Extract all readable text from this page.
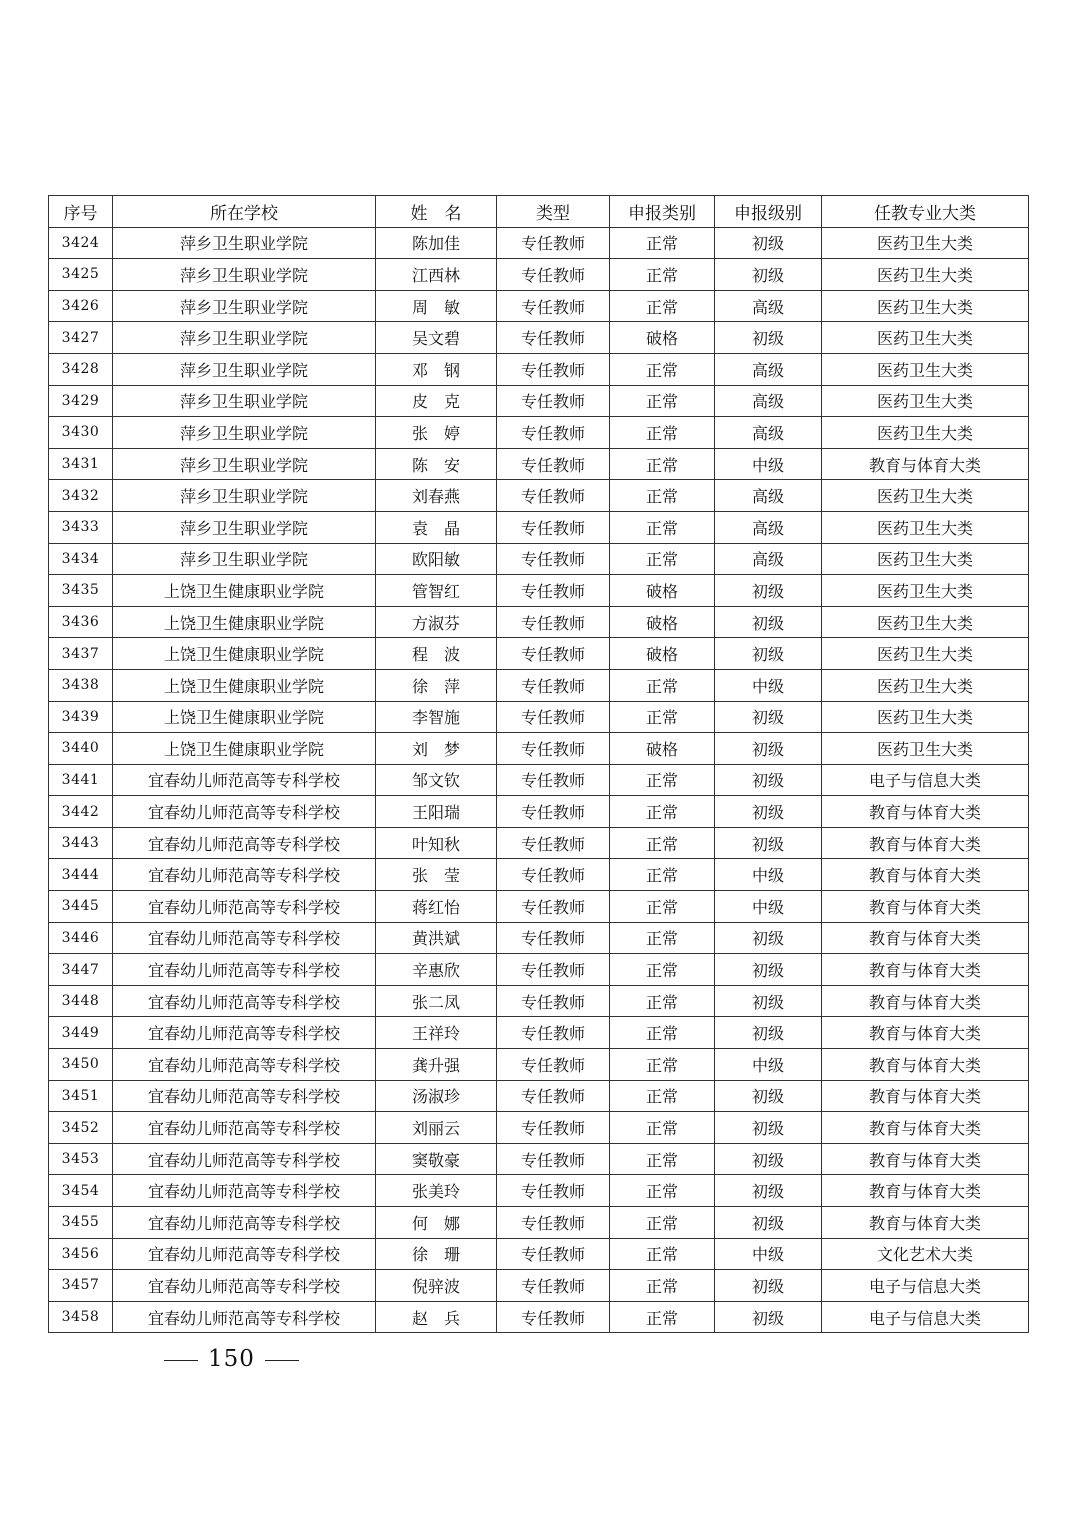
序号	所在学校	姓　名	类型	申报类别	申报级别	任教专业大类
3424	萍乡卫生职业学院	陈加佳	专任教师	正常	初级	医药卫生大类
3425	萍乡卫生职业学院	江西林	专任教师	正常	初级	医药卫生大类
3426	萍乡卫生职业学院	周　敏	专任教师	正常	高级	医药卫生大类
3427	萍乡卫生职业学院	吴文碧	专任教师	破格	初级	医药卫生大类
3428	萍乡卫生职业学院	邓　钢	专任教师	正常	高级	医药卫生大类
3429	萍乡卫生职业学院	皮　克	专任教师	正常	高级	医药卫生大类
3430	萍乡卫生职业学院	张　婷	专任教师	正常	高级	医药卫生大类
3431	萍乡卫生职业学院	陈　安	专任教师	正常	中级	教育与体育大类
3432	萍乡卫生职业学院	刘春燕	专任教师	正常	高级	医药卫生大类
3433	萍乡卫生职业学院	袁　晶	专任教师	正常	高级	医药卫生大类
3434	萍乡卫生职业学院	欧阳敏	专任教师	正常	高级	医药卫生大类
3435	上饶卫生健康职业学院	管智红	专任教师	破格	初级	医药卫生大类
3436	上饶卫生健康职业学院	方淑芬	专任教师	破格	初级	医药卫生大类
3437	上饶卫生健康职业学院	程　波	专任教师	破格	初级	医药卫生大类
3438	上饶卫生健康职业学院	徐　萍	专任教师	正常	中级	医药卫生大类
3439	上饶卫生健康职业学院	李智施	专任教师	正常	初级	医药卫生大类
3440	上饶卫生健康职业学院	刘　梦	专任教师	破格	初级	医药卫生大类
3441	宜春幼儿师范高等专科学校	邹文钦	专任教师	正常	初级	电子与信息大类
3442	宜春幼儿师范高等专科学校	王阳瑞	专任教师	正常	初级	教育与体育大类
3443	宜春幼儿师范高等专科学校	叶知秋	专任教师	正常	初级	教育与体育大类
3444	宜春幼儿师范高等专科学校	张　莹	专任教师	正常	中级	教育与体育大类
3445	宜春幼儿师范高等专科学校	蒋红怡	专任教师	正常	中级	教育与体育大类
3446	宜春幼儿师范高等专科学校	黄洪斌	专任教师	正常	初级	教育与体育大类
3447	宜春幼儿师范高等专科学校	辛惠欣	专任教师	正常	初级	教育与体育大类
3448	宜春幼儿师范高等专科学校	张二凤	专任教师	正常	初级	教育与体育大类
3449	宜春幼儿师范高等专科学校	王祥玲	专任教师	正常	初级	教育与体育大类
3450	宜春幼儿师范高等专科学校	龚升强	专任教师	正常	中级	教育与体育大类
3451	宜春幼儿师范高等专科学校	汤淑珍	专任教师	正常	初级	教育与体育大类
3452	宜春幼儿师范高等专科学校	刘丽云	专任教师	正常	初级	教育与体育大类
3453	宜春幼儿师范高等专科学校	窦敬豪	专任教师	正常	初级	教育与体育大类
3454	宜春幼儿师范高等专科学校	张美玲	专任教师	正常	初级	教育与体育大类
3455	宜春幼儿师范高等专科学校	何　娜	专任教师	正常	初级	教育与体育大类
3456	宜春幼儿师范高等专科学校	徐　珊	专任教师	正常	中级	文化艺术大类
3457	宜春幼儿师范高等专科学校	倪骍波	专任教师	正常	初级	电子与信息大类
3458	宜春幼儿师范高等专科学校	赵　兵	专任教师	正常	初级	电子与信息大类
150
